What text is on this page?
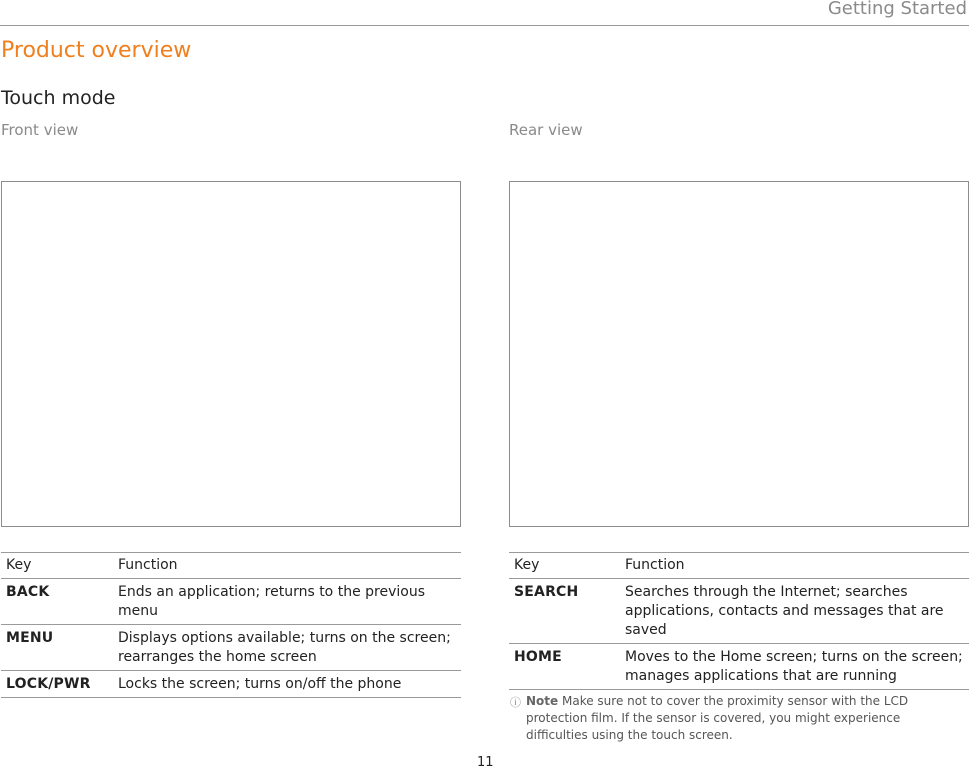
Getting Started
Product overview
Touch mode
Front view	Rear view
Key	Function
BACK	Ends an application; returns to the previous menu
MENU	Displays options available; turns on the screen; rearranges the home screen
LOCK/PWR	Locks the screen; turns on/off the phone
Key	Function
SEARCH	Searches through the Internet; searches applications, contacts and messages that are saved
HOME	Moves to the Home screen; turns on the screen; manages applications that are running
ⓘ Note Make sure not to cover the proximity sensor with the LCD protection film. If the sensor is covered, you might experience difficulties using the touch screen.
11
